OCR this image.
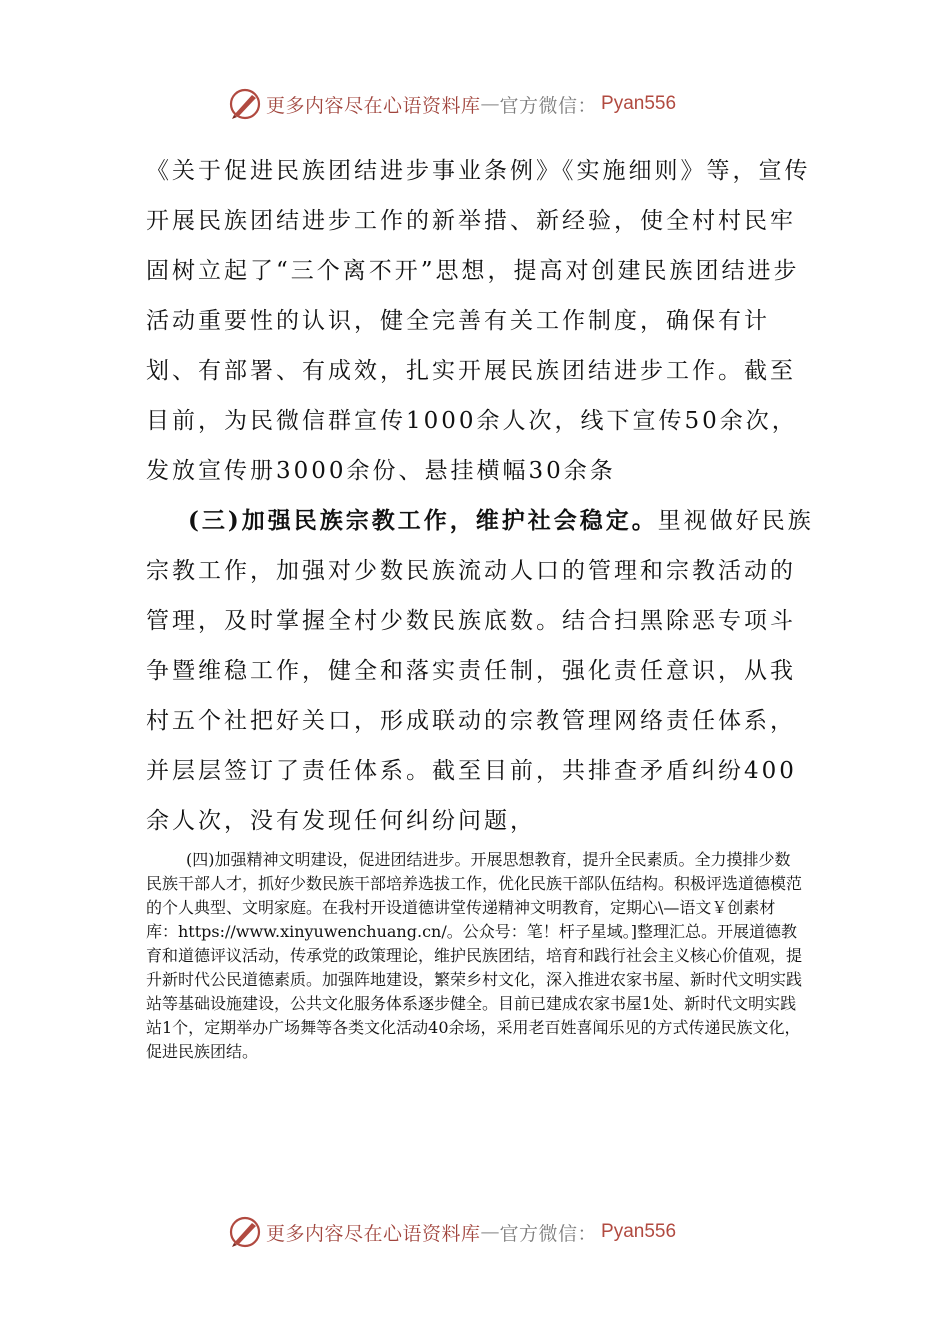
更多内容尽在心语资料库 — 官方微信： Pyan556

《关于促进民族团结进步事业条例》《实施细则》等，宣传开展民族团结进步工作的新举措、新经验，使全村村民牢固树立起了“三个离不开”思想，提高对创建民族团结进步活动重要性的认识，健全完善有关工作制度，确保有计划、有部署、有成效，扎实开展民族团结进步工作。截至目前，为民微信群宣传1000余人次，线下宣传50余次，发放宣传册3000余份、悬挂横幅30余条

(三)加强民族宗教工作，维护社会稳定。里视做好民族宗教工作，加强对少数民族流动人口的管理和宗教活动的管理，及时掌握全村少数民族底数。结合扫黑除恶专项斗争暨维稳工作，健全和落实责任制，强化责任意识，从我村五个社把好关口，形成联动的宗教管理网络责任体系，并层层签订了责任体系。截至目前，共排查矛盾纠纷400余人次，没有发现任何纠纷问题，

(四)加强精神文明建设，促进团结进步。开展思想教育，提升全民素质。全力摸排少数民族干部人才，抓好少数民族干部培养选拔工作，优化民族干部队伍结构。积极评选道德模范的个人典型、文明家庭。在我村开设道德讲堂传递精神文明教育，定期心\—语文￥创素材库：https://www.xinyuwenchuang.cn/。公众号：笔！杆子星域。]整理汇总。开展道德教育和道德评议活动，传承党的政策理论，维护民族团结，培育和践行社会主义核心价值观，提升新时代公民道德素质。加强阵地建设，繁荣乡村文化，深入推进农家书屋、新时代文明实践站等基础设施建设，公共文化服务体系逐步健全。目前已建成农家书屋1处、新时代文明实践站1个，定期举办广场舞等各类文化活动40余场，采用老百姓喜闻乐见的方式传递民族文化，促进民族团结。

更多内容尽在心语资料库 — 官方微信： Pyan556
